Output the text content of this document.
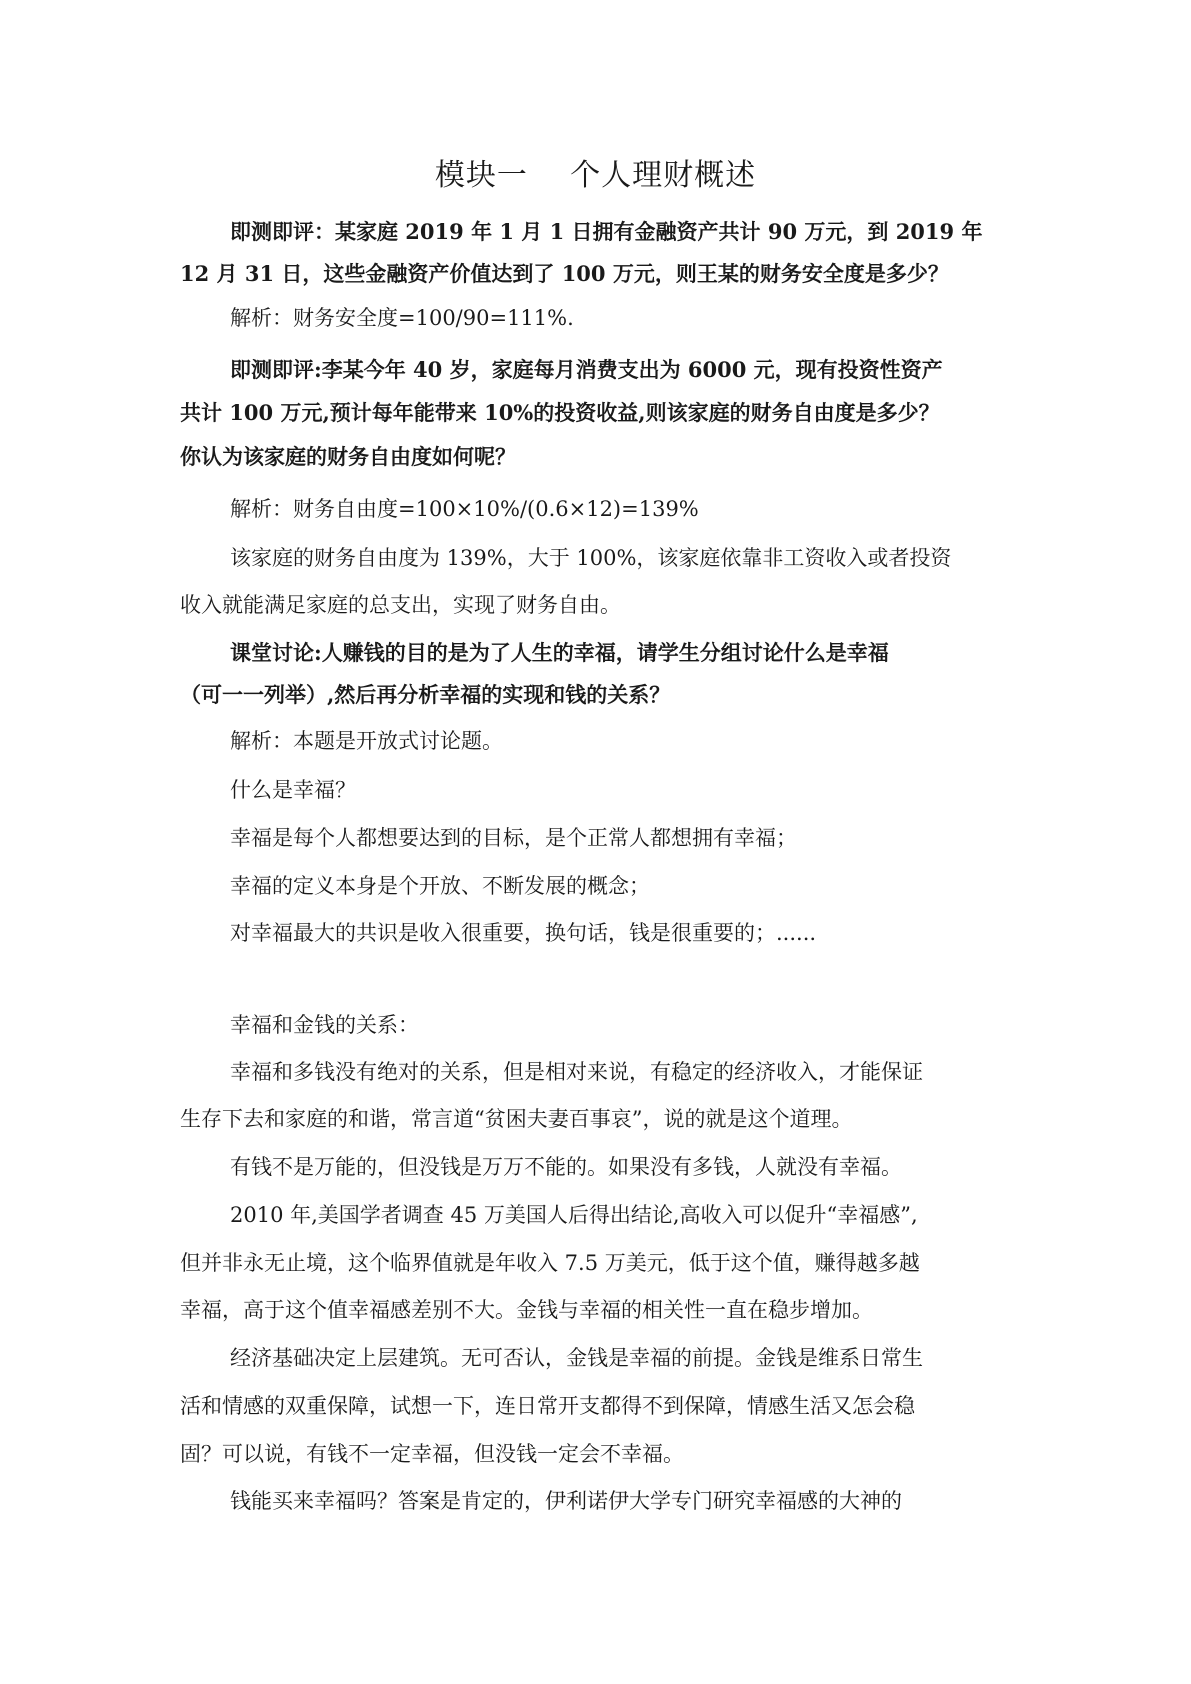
模块一    个人理财概述
即测即评：某家庭 2019 年 1 月 1 日拥有金融资产共计 90 万元，到 2019 年
12 月 31 日，这些金融资产价值达到了 100 万元，则王某的财务安全度是多少？
解析：财务安全度=100/90=111%.
即测即评:李某今年 40 岁，家庭每月消费支出为 6000 元，现有投资性资产
共计 100 万元,预计每年能带来 10%的投资收益,则该家庭的财务自由度是多少？
你认为该家庭的财务自由度如何呢？
解析：财务自由度=100×10%/(0.6×12)=139%
该家庭的财务自由度为 139%，大于 100%，该家庭依靠非工资收入或者投资
收入就能满足家庭的总支出，实现了财务自由。
课堂讨论:人赚钱的目的是为了人生的幸福，请学生分组讨论什么是幸福
（可一一列举）,然后再分析幸福的实现和钱的关系？
解析：本题是开放式讨论题。
什么是幸福？
幸福是每个人都想要达到的目标，是个正常人都想拥有幸福；
幸福的定义本身是个开放、不断发展的概念；
对幸福最大的共识是收入很重要，换句话，钱是很重要的；......
幸福和金钱的关系：
幸福和多钱没有绝对的关系，但是相对来说，有稳定的经济收入，才能保证
生存下去和家庭的和谐，常言道“贫困夫妻百事哀”，说的就是这个道理。
有钱不是万能的，但没钱是万万不能的。如果没有多钱，人就没有幸福。
2010 年,美国学者调查 45 万美国人后得出结论,高收入可以促升“幸福感”,
但并非永无止境，这个临界值就是年收入 7.5 万美元，低于这个值，赚得越多越
幸福，高于这个值幸福感差别不大。金钱与幸福的相关性一直在稳步增加。
经济基础决定上层建筑。无可否认，金钱是幸福的前提。金钱是维系日常生
活和情感的双重保障，试想一下，连日常开支都得不到保障，情感生活又怎会稳
固？可以说，有钱不一定幸福，但没钱一定会不幸福。
钱能买来幸福吗？答案是肯定的，伊利诺伊大学专门研究幸福感的大神的
